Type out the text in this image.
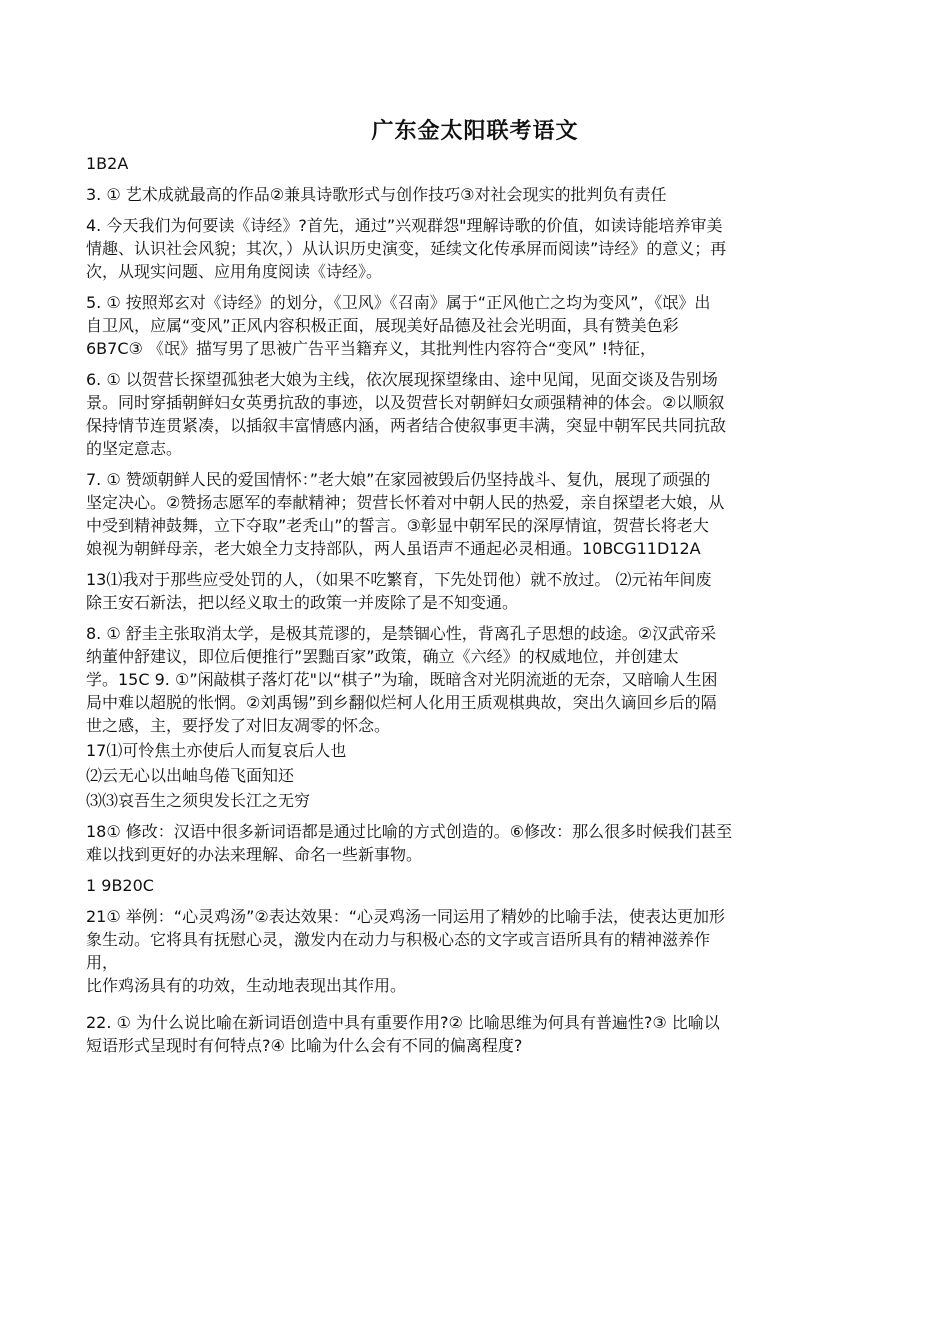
广东金太阳联考语文
1B2A
3. ① 艺术成就最高的作品②兼具诗歌形式与创作技巧③对社会现实的批判负有责任
4. 今天我们为何要读《诗经》?首先，通过”兴观群怨"理解诗歌的价值，如读诗能培养审美
情趣、认识社会风貌；其次，）从认识历史演变，延续文化传承屏而阅读”诗经》的意义；再
次，从现实问题、应用角度阅读《诗经》。
5. ① 按照郑玄对《诗经》的划分，《卫风》《召南》属于“正风他亡之均为变风”，《氓》出
自卫风，应属“变风”正风内容积极正面，展现美好品德及社会光明面，具有赞美色彩
6B7C③ 《氓》描写男了思被广告平当籍弃义，其批判性内容符合“变风” !特征，
6. ① 以贺营长探望孤独老大娘为主线，依次展现探望缘由、途中见闻，见面交谈及告别场
景。同时穿插朝鲜妇女英勇抗敌的事迹，以及贺营长对朝鲜妇女顽强精神的体会。②以顺叙
保持情节连贯紧凑，以插叙丰富情感内涵，两者结合使叙事更丰满，突显中朝军民共同抗敌
的坚定意志。
7. ① 赞颂朝鲜人民的爱国情怀：”老大娘”在家园被毁后仍坚持战斗、复仇，展现了顽强的
坚定决心。②赞扬志愿军的奉献精神；贺营长怀着对中朝人民的热爱，亲自探望老大娘，从
中受到精神鼓舞，立下夺取”老秃山”的誓言。③彰显中朝军民的深厚情谊，贺营长将老大
娘视为朝鲜母亲，老大娘全力支持部队，两人虽语声不通起必灵相通。10BCG11D12A
13⑴我对于那些应受处罚的人，（如果不吃繁育，下先处罚他）就不放过。 ⑵元祐年间废
除王安石新法，把以经义取士的政策一并废除了是不知变通。
8. ① 舒圭主张取消太学，是极其荒谬的，是禁锢心性，背离孔子思想的歧途。②汉武帝采
纳董仲舒建议，即位后便推行”罢黜百家”政策，确立《六经》的权威地位，并创建太
学。15C 9. ①”闲敲棋子落灯花"以“棋子”为瑜，既暗含对光阴流逝的无奈，又暗喻人生困
局中难以超脱的怅惘。②刘禹锡”到乡翻似烂柯人化用王质观棋典故，突出久谪回乡后的隔
世之感，主，要抒发了对旧友凋零的怀念。
17⑴可怜焦土亦使后人而复哀后人也
⑵云无心以出岫鸟倦飞面知还
⑶⑶哀吾生之须臾发长江之无穷
18① 修改：汉语中很多新词语都是通过比喻的方式创造的。⑥修改：那么很多时候我们甚至
难以找到更好的办法来理解、命名一些新事物。
1 9B20C
21① 举例：“心灵鸡汤”②表达效果：“心灵鸡汤一同运用了精妙的比喻手法，使表达更加形
象生动。它将具有抚慰心灵，激发内在动力与积极心态的文字或言语所具有的精神滋养作
用，
比作鸡汤具有的功效，生动地表现出其作用。
22. ① 为什么说比喻在新词语创造中具有重要作用?② 比喻思维为何具有普遍性?③ 比喻以
短语形式呈现时有何特点?④ 比喻为什么会有不同的偏离程度?
